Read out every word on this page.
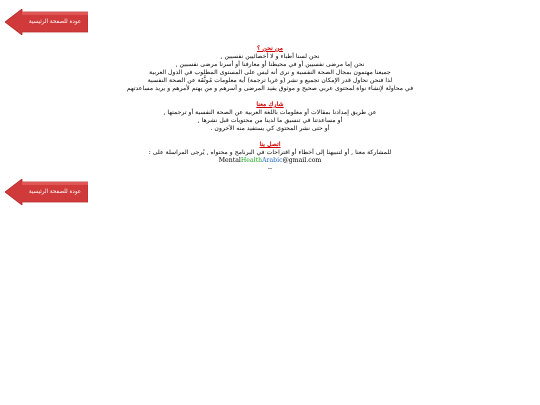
عودة للصفحة الرئيسية

من نحن ؟

نحن لسنا أطباء و لا أخصائيين نفسيين ,

نحن إما مرضى نفسيين أو في محيطنا أو معارفنا أو أسرنا مرضى نفسيين ,

جميعنا مهتمون بمجال الصحة النفسية و نرى أنه ليس على المستوى المطلوب في الدول العربية

لذا فنحن نحاول قدر الإمكان تجميع و نشر (و غربا ترجمة) أية معلومات مُوثَّقَة عن الصحة النفسية

في محاولة لإنشاء نواة لمحتوى عربي صحيح و موثوق يفيد المرضى و أسرهم و من يهتم لأمرهم و يريد مساعدتهم

شارك معنا

عن طريق إمدادنا بمقالات أو معلومات باللغة العربية عن الصحة النفسية أو ترجمتها ,

أو مساعدتنا في تنسيق ما لدينا من محتويات قبل نشرها ,

أو حتى نشر المحتوى كي يستفيد منه الآخرون .

اتصل بنا

للمشاركة معنا , أو لتنبيهنا إلى أخطاء أو اقتراحات في البرنامج و محتواه , يُرجى المراسلة على :

MentalHealthArabic@gmail.com

--

عودة للصفحة الرئيسية
